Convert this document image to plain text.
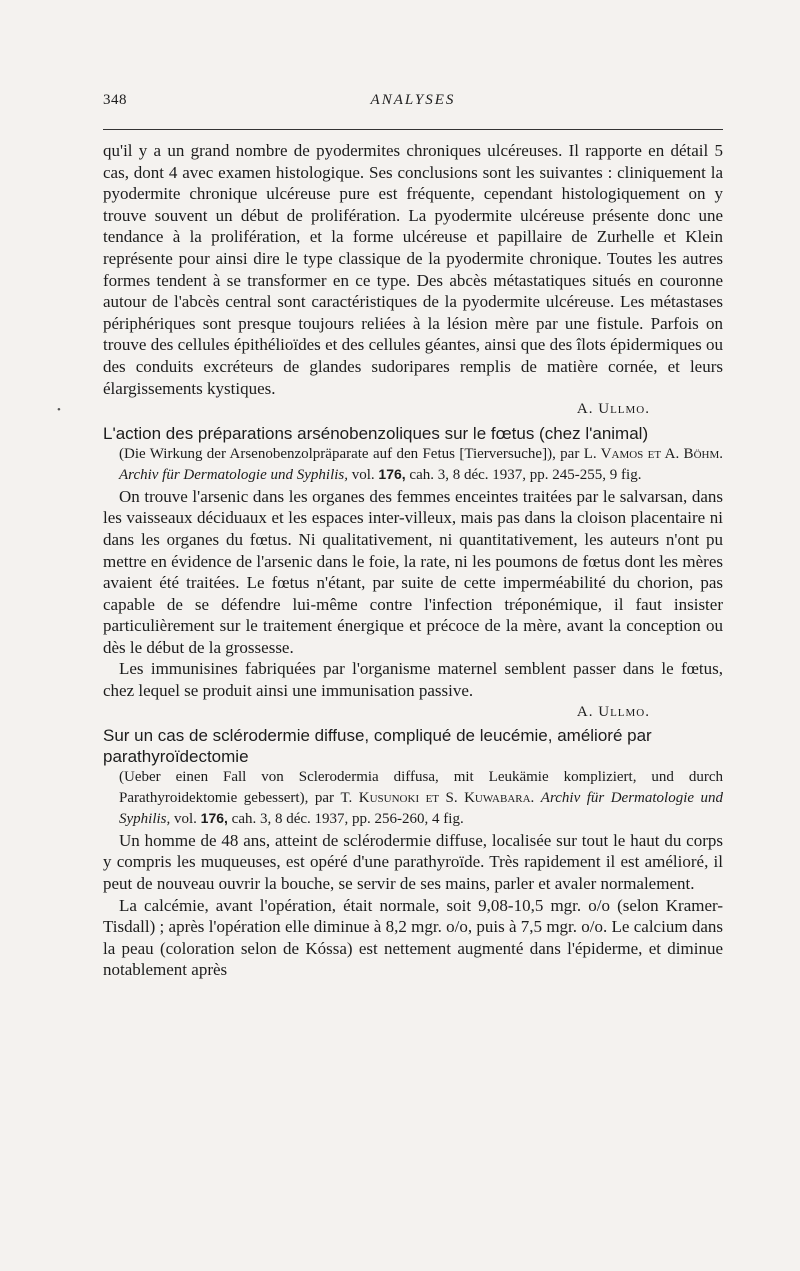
•
348	ANALYSES

qu'il y a un grand nombre de pyodermites chroniques ulcéreuses. Il rapporte en détail 5 cas, dont 4 avec examen histologique. Ses conclusions sont les suivantes : cliniquement la pyodermite chronique ulcéreuse pure est fréquente, cependant histologiquement on y trouve souvent un début de prolifération. La pyodermite ulcéreuse présente donc une tendance à la prolifération, et la forme ulcéreuse et papillaire de Zurhelle et Klein représente pour ainsi dire le type classique de la pyodermite chronique. Toutes les autres formes tendent à se transformer en ce type. Des abcès métastatiques situés en couronne autour de l'abcès central sont caractéristiques de la pyodermite ulcéreuse. Les métastases périphériques sont presque toujours reliées à la lésion mère par une fistule. Parfois on trouve des cellules épithélioïdes et des cellules géantes, ainsi que des îlots épidermiques ou des conduits excréteurs de glandes sudoripares remplis de matière cornée, et leurs élargissements kystiques.

A. Ullmo.

L'action des préparations arsénobenzoliques sur le fœtus (chez l'animal)

(Die Wirkung der Arsenobenzolpräparate auf den Fetus [Tierversuche]), par L. Vamos et A. Böhm. Archiv für Dermatologie und Syphilis, vol. 176, cah. 3, 8 déc. 1937, pp. 245-255, 9 fig.

On trouve l'arsenic dans les organes des femmes enceintes traitées par le salvarsan, dans les vaisseaux déciduaux et les espaces inter-villeux, mais pas dans la cloison placentaire ni dans les organes du fœtus. Ni qualitativement, ni quantitativement, les auteurs n'ont pu mettre en évidence de l'arsenic dans le foie, la rate, ni les poumons de fœtus dont les mères avaient été traitées. Le fœtus n'étant, par suite de cette imperméabilité du chorion, pas capable de se défendre lui-même contre l'infection tréponémique, il faut insister particulièrement sur le traitement énergique et précoce de la mère, avant la conception ou dès le début de la grossesse.

Les immunisines fabriquées par l'organisme maternel semblent passer dans le fœtus, chez lequel se produit ainsi une immunisation passive.

A. Ullmo.

Sur un cas de sclérodermie diffuse, compliqué de leucémie, amélioré par parathyroïdectomie

(Ueber einen Fall von Sclerodermia diffusa, mit Leukämie kompliziert, und durch Parathyroidektomie gebessert), par T. Kusunoki et S. Kuwabara. Archiv für Dermatologie und Syphilis, vol. 176, cah. 3, 8 déc. 1937, pp. 256-260, 4 fig.

Un homme de 48 ans, atteint de sclérodermie diffuse, localisée sur tout le haut du corps y compris les muqueuses, est opéré d'une parathyroïde. Très rapidement il est amélioré, il peut de nouveau ouvrir la bouche, se servir de ses mains, parler et avaler normalement.

La calcémie, avant l'opération, était normale, soit 9,08-10,5 mgr. o/o (selon Kramer-Tisdall) ; après l'opération elle diminue à 8,2 mgr. o/o, puis à 7,5 mgr. o/o. Le calcium dans la peau (coloration selon de Kóssa) est nettement augmenté dans l'épiderme, et diminue notablement après
